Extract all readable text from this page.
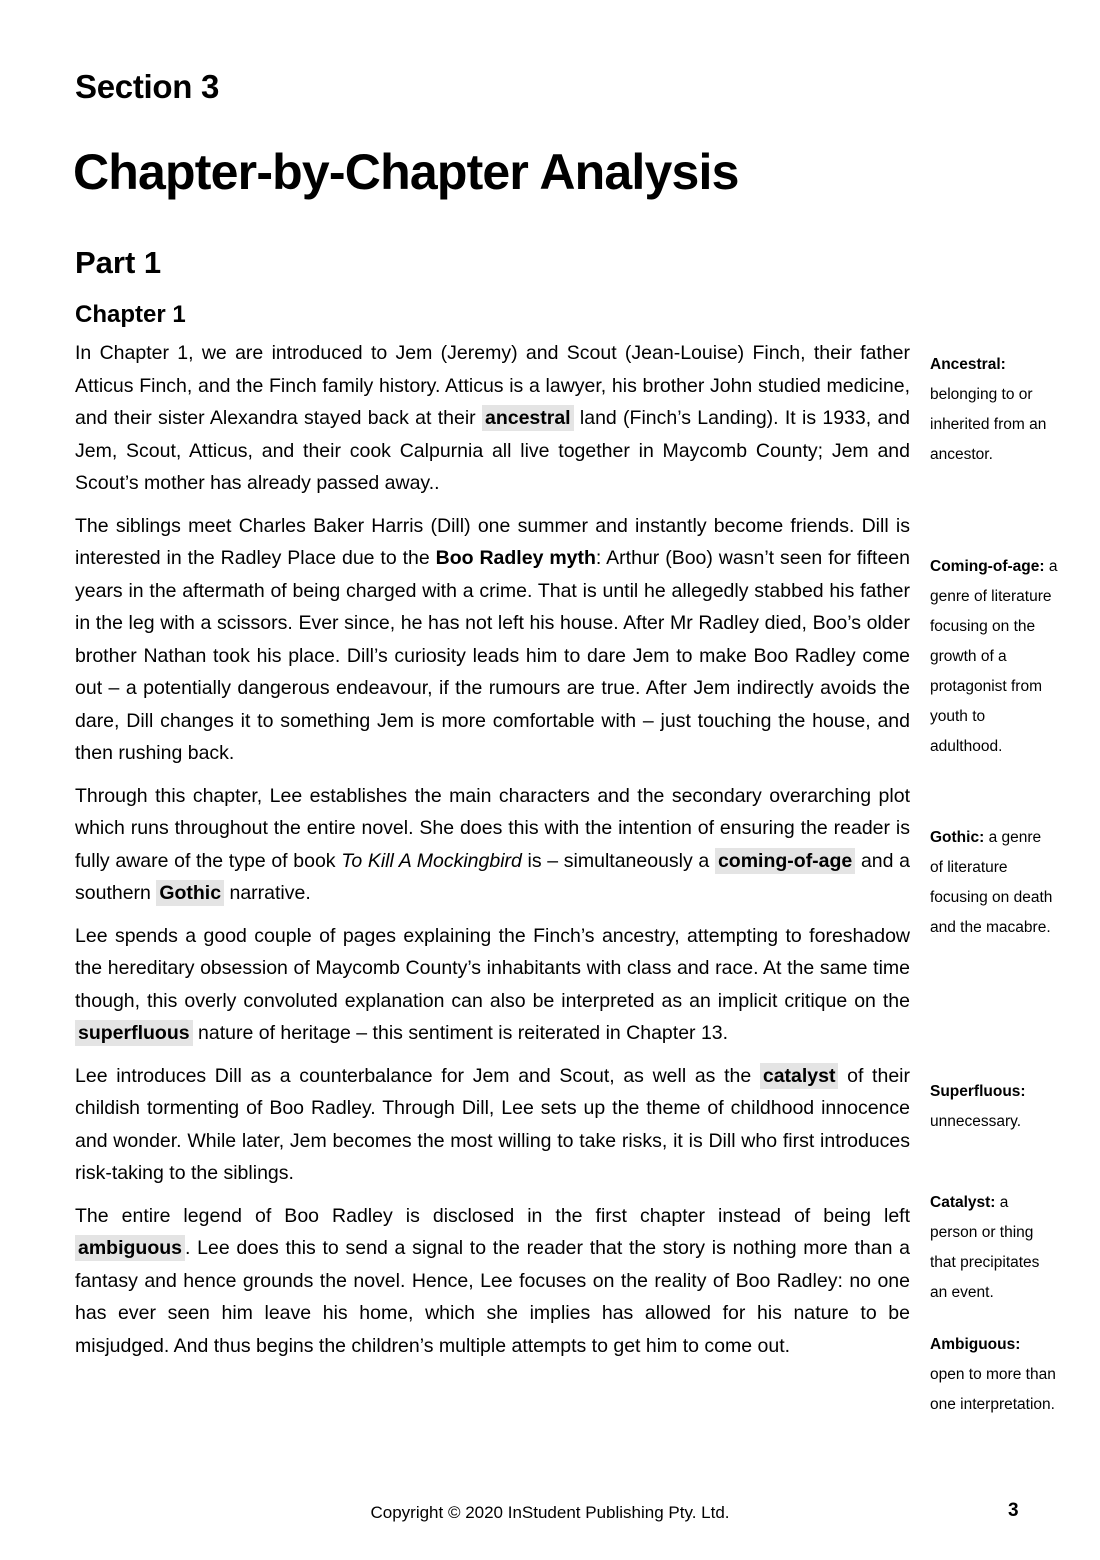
Section 3
Chapter-by-Chapter Analysis
Part 1
Chapter 1

In Chapter 1, we are introduced to Jem (Jeremy) and Scout (Jean-Louise) Finch, their father Atticus Finch, and the Finch family history. Atticus is a lawyer, his brother John studied medicine, and their sister Alexandra stayed back at their ancestral land (Finch’s Landing). It is 1933, and Jem, Scout, Atticus, and their cook Calpurnia all live together in Maycomb County; Jem and Scout’s mother has already passed away..

The siblings meet Charles Baker Harris (Dill) one summer and instantly become friends. Dill is interested in the Radley Place due to the Boo Radley myth: Arthur (Boo) wasn’t seen for fifteen years in the aftermath of being charged with a crime. That is until he allegedly stabbed his father in the leg with a scissors. Ever since, he has not left his house. After Mr Radley died, Boo’s older brother Nathan took his place. Dill’s curiosity leads him to dare Jem to make Boo Radley come out – a potentially dangerous endeavour, if the rumours are true. After Jem indirectly avoids the dare, Dill changes it to something Jem is more comfortable with – just touching the house, and then rushing back.

Through this chapter, Lee establishes the main characters and the secondary overarching plot which runs throughout the entire novel. She does this with the intention of ensuring the reader is fully aware of the type of book To Kill A Mockingbird is – simultaneously a coming-of-age and a southern Gothic narrative.

Lee spends a good couple of pages explaining the Finch’s ancestry, attempting to foreshadow the hereditary obsession of Maycomb County’s inhabitants with class and race. At the same time though, this overly convoluted explanation can also be interpreted as an implicit critique on the superfluous nature of heritage – this sentiment is reiterated in Chapter 13.

Lee introduces Dill as a counterbalance for Jem and Scout, as well as the catalyst of their childish tormenting of Boo Radley. Through Dill, Lee sets up the theme of childhood innocence and wonder. While later, Jem becomes the most willing to take risks, it is Dill who first introduces risk-taking to the siblings.

The entire legend of Boo Radley is disclosed in the first chapter instead of being left ambiguous . Lee does this to send a signal to the reader that the story is nothing more than a fantasy and hence grounds the novel. Hence, Lee focuses on the reality of Boo Radley: no one has ever seen him leave his home, which she implies has allowed for his nature to be misjudged. And thus begins the children’s multiple attempts to get him to come out.

Ancestral: belonging to or inherited from an ancestor.
Coming-of-age: a genre of literature focusing on the growth of a protagonist from youth to adulthood.
Gothic: a genre of literature focusing on death and the macabre.
Superfluous: unnecessary.
Catalyst: a person or thing that precipitates an event.
Ambiguous: open to more than one interpretation.
Copyright © 2020 InStudent Publishing Pty. Ltd.	3
